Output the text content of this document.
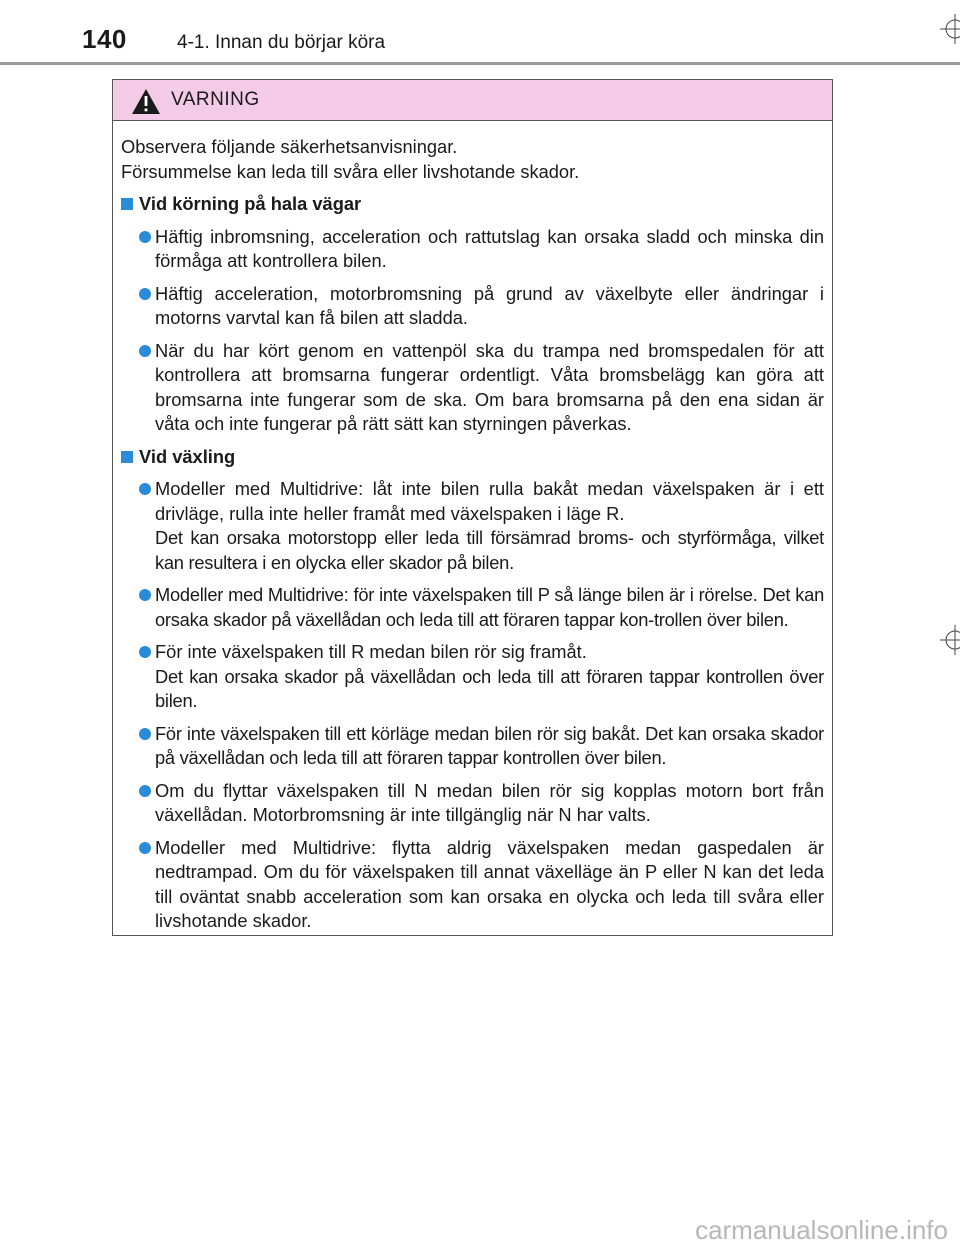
140	4-1. Innan du börjar köra
VARNING

Observera följande säkerhetsanvisningar.

Försummelse kan leda till svåra eller livshotande skador.

Vid körning på hala vägar

Häftig inbromsning, acceleration och rattutslag kan orsaka sladd och minska din förmåga att kontrollera bilen.

Häftig acceleration, motorbromsning på grund av växelbyte eller ändringar i motorns varvtal kan få bilen att sladda.

När du har kört genom en vattenpöl ska du trampa ned bromspedalen för att kontrollera att bromsarna fungerar ordentligt. Våta bromsbelägg kan göra att bromsarna inte fungerar som de ska. Om bara bromsarna på den ena sidan är våta och inte fungerar på rätt sätt kan styrningen påverkas.

Vid växling

Modeller med Multidrive: låt inte bilen rulla bakåt medan växelspaken är i ett drivläge, rulla inte heller framåt med växelspaken i läge R.

Det kan orsaka motorstopp eller leda till försämrad broms- och styrförmåga, vilket kan resultera i en olycka eller skador på bilen.

Modeller med Multidrive: för inte växelspaken till P så länge bilen är i rörelse. Det kan orsaka skador på växellådan och leda till att föraren tappar kon-trollen över bilen.

För inte växelspaken till R medan bilen rör sig framåt.

Det kan orsaka skador på växellådan och leda till att föraren tappar kontrollen över bilen.

För inte växelspaken till ett körläge medan bilen rör sig bakåt. Det kan orsaka skador på växellådan och leda till att föraren tappar kontrollen över bilen.

Om du flyttar växelspaken till N medan bilen rör sig kopplas motorn bort från växellådan. Motorbromsning är inte tillgänglig när N har valts.

Modeller med Multidrive: flytta aldrig växelspaken medan gaspedalen är nedtrampad. Om du för växelspaken till annat växelläge än P eller N kan det leda till oväntat snabb acceleration som kan orsaka en olycka och leda till svåra eller livshotande skador.

carmanualsonline.info
